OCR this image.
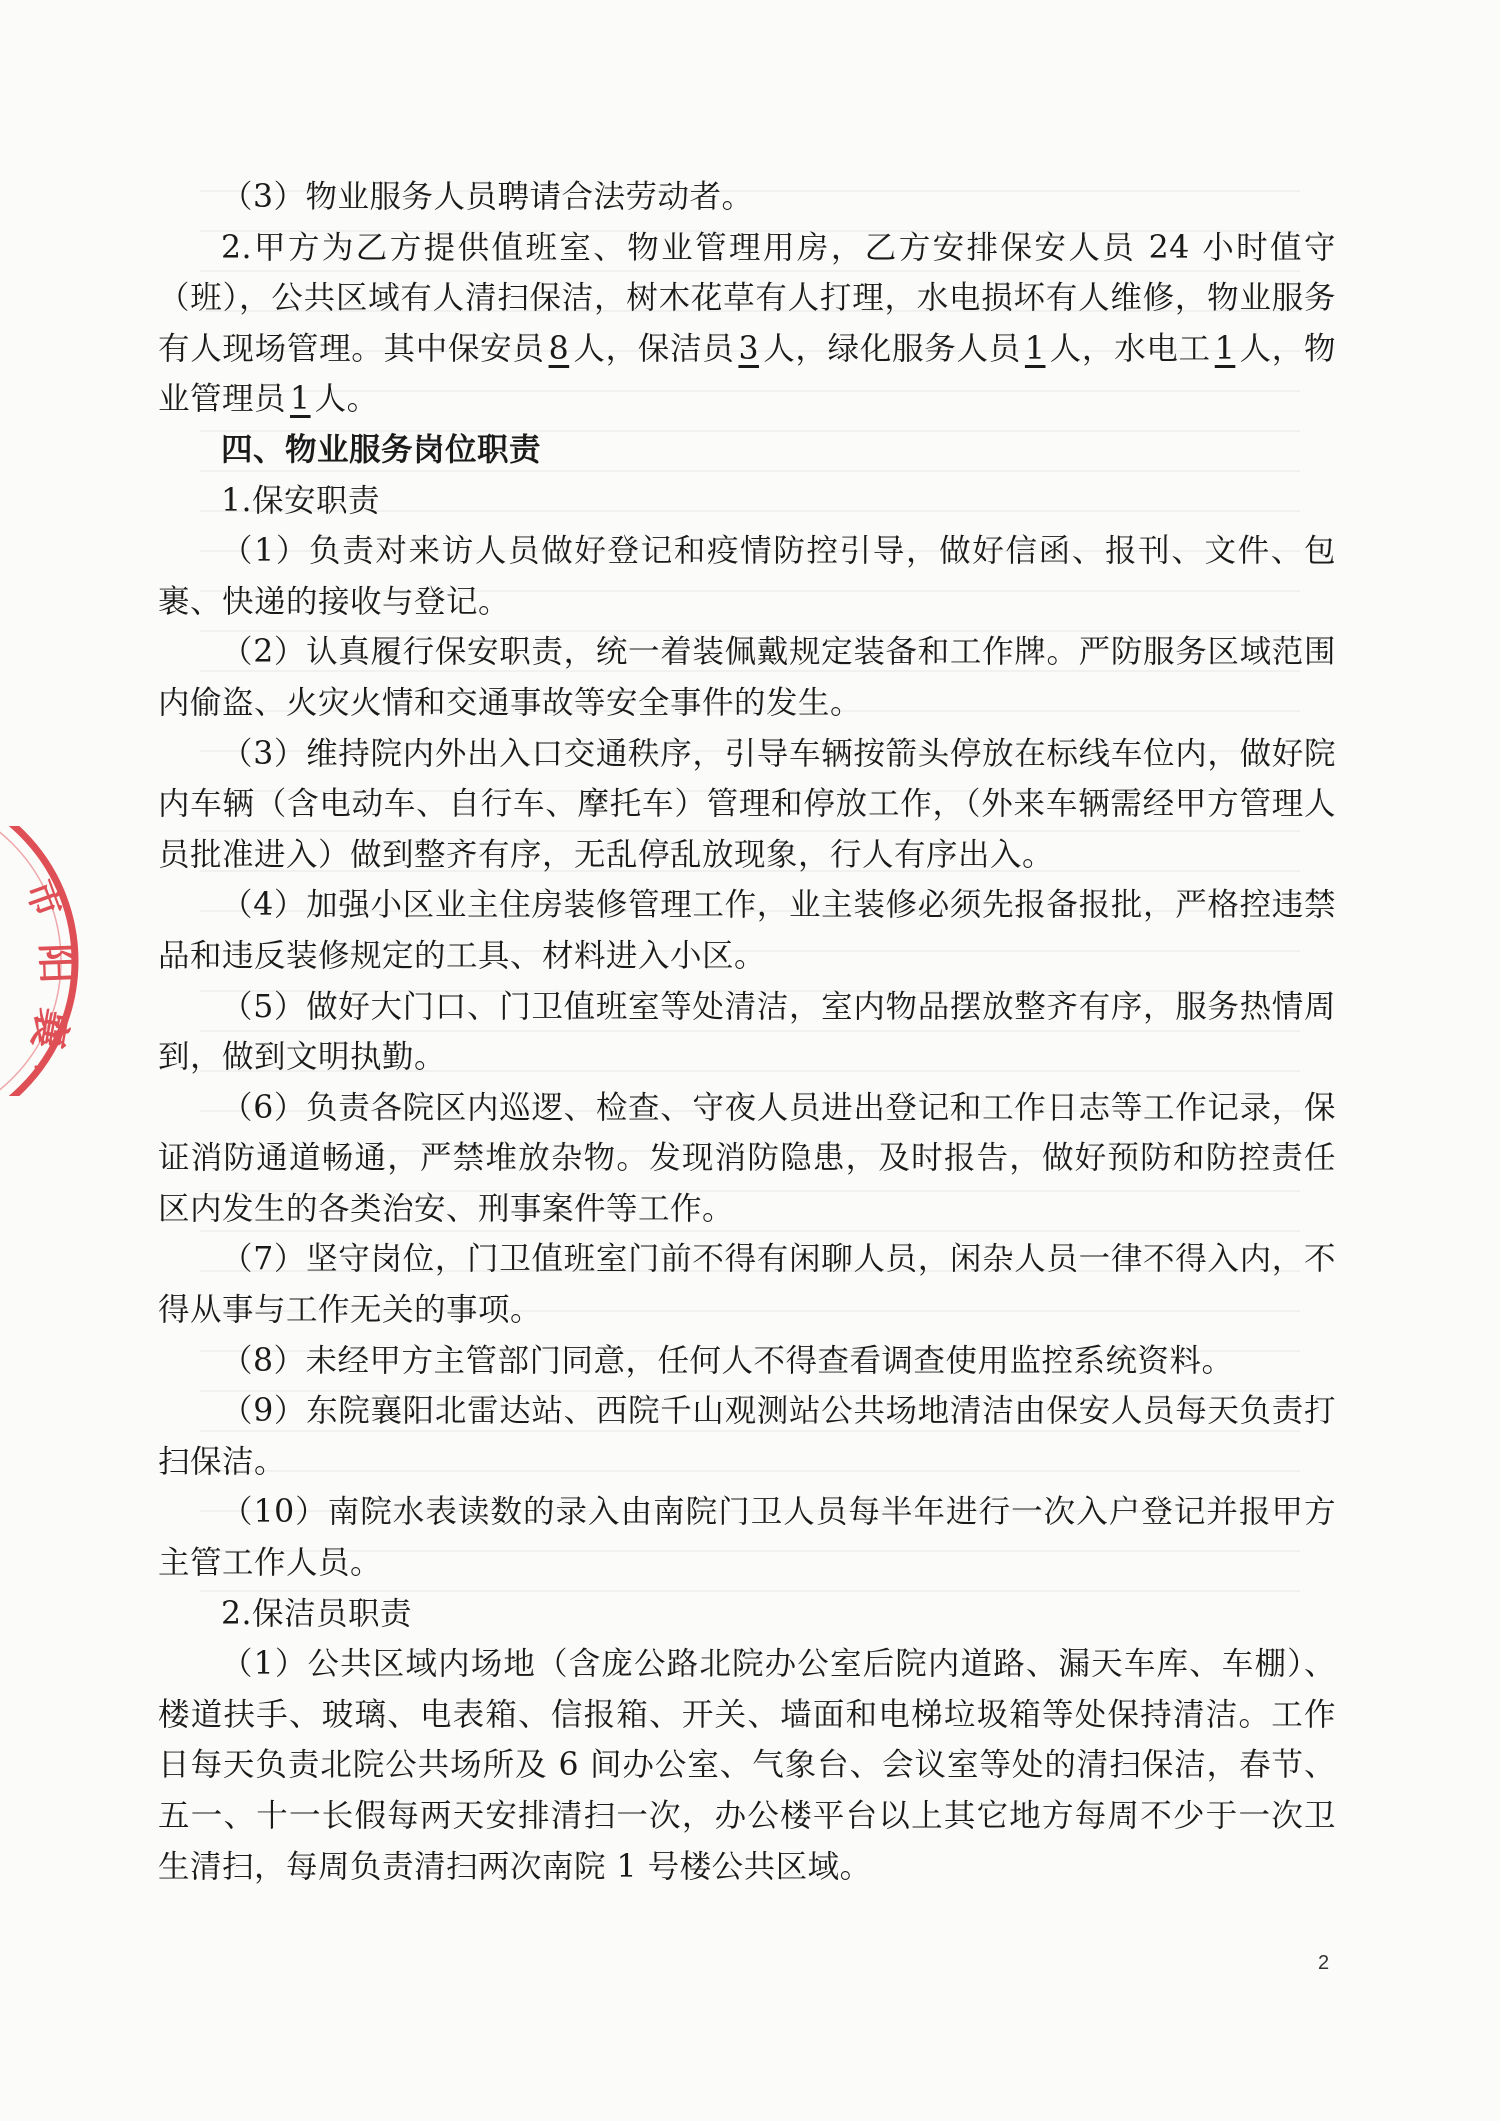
市
阳
襄
·

（3）物业服务人员聘请合法劳动者。

2.甲方为乙方提供值班室、物业管理用房，乙方安排保安人员 24 小时值守（班），公共区域有人清扫保洁，树木花草有人打理，水电损坏有人维修，物业服务有人现场管理。其中保安员 8 人，保洁员 3 人，绿化服务人员 1 人，水电工 1 人，物业管理员 1 人。

四、物业服务岗位职责

1.保安职责

（1）负责对来访人员做好登记和疫情防控引导，做好信函、报刊、文件、包裹、快递的接收与登记。

（2）认真履行保安职责，统一着装佩戴规定装备和工作牌。严防服务区域范围内偷盗、火灾火情和交通事故等安全事件的发生。

（3）维持院内外出入口交通秩序，引导车辆按箭头停放在标线车位内，做好院内车辆（含电动车、自行车、摩托车）管理和停放工作，（外来车辆需经甲方管理人员批准进入）做到整齐有序，无乱停乱放现象，行人有序出入。

（4）加强小区业主住房装修管理工作，业主装修必须先报备报批，严格控违禁品和违反装修规定的工具、材料进入小区。

（5）做好大门口、门卫值班室等处清洁，室内物品摆放整齐有序，服务热情周到，做到文明执勤。

（6）负责各院区内巡逻、检查、守夜人员进出登记和工作日志等工作记录，保证消防通道畅通，严禁堆放杂物。发现消防隐患，及时报告，做好预防和防控责任区内发生的各类治安、刑事案件等工作。

（7）坚守岗位，门卫值班室门前不得有闲聊人员，闲杂人员一律不得入内，不得从事与工作无关的事项。

（8）未经甲方主管部门同意，任何人不得查看调查使用监控系统资料。

（9）东院襄阳北雷达站、西院千山观测站公共场地清洁由保安人员每天负责打扫保洁。

（10）南院水表读数的录入由南院门卫人员每半年进行一次入户登记并报甲方主管工作人员。

2.保洁员职责

（1）公共区域内场地（含庞公路北院办公室后院内道路、漏天车库、车棚）、楼道扶手、玻璃、电表箱、信报箱、开关、墙面和电梯垃圾箱等处保持清洁。工作日每天负责北院公共场所及 6 间办公室、气象台、会议室等处的清扫保洁，春节、五一、十一长假每两天安排清扫一次，办公楼平台以上其它地方每周不少于一次卫生清扫，每周负责清扫两次南院 1 号楼公共区域。

2
